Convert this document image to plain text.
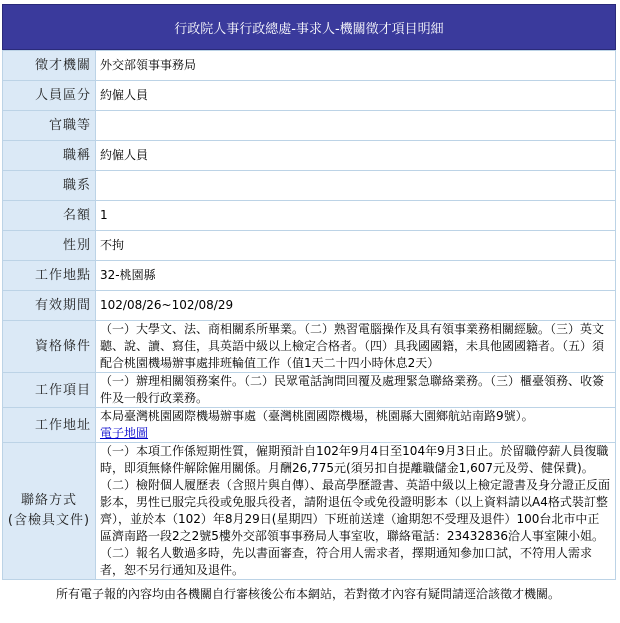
行政院人事行政總處-事求人-機關徵才項目明細
徵才機關	外交部領事事務局
人員區分	約僱人員
官職等	
職稱	約僱人員
職系	
名額	1
性別	不拘
工作地點	32-桃園縣
有效期間	102/08/26~102/08/29
資格條件	（一）大學文、法、商相關系所畢業。（二）熟習電腦操作及具有領事業務相關經驗。（三）英文聽、說、讀、寫佳，具英語中級以上檢定合格者。（四）具我國國籍，未具他國國籍者。（五）須配合桃園機場辦事處排班輪值工作（值1天二十四小時休息2天）
工作項目	（一）辦理相關領務案件。（二）民眾電話詢問回覆及處理緊急聯絡業務。（三）櫃臺領務、收簽件及一般行政業務。
工作地址	本局臺灣桃園國際機場辦事處（臺灣桃園國際機場，桃園縣大園鄉航站南路9號）。
電子地圖

聯絡方式
(含檢具文件)	（一）本項工作係短期性質，僱期預計自102年9月4日至104年9月3日止。於留職停薪人員復職時，即須無條件解除僱用關係。月酬26,775元(須另扣自提離職儲金1,607元及勞、健保費)。（二）檢附個人履歷表（含照片與自傳）、最高學歷證書、英語中級以上檢定證書及身分證正反面影本，男性已服完兵役或免服兵役者，請附退伍令或免役證明影本（以上資料請以A4格式裝訂整齊），並於本（102）年8月29日(星期四）下班前送達（逾期恕不受理及退件）100台北市中正區濟南路一段2之2號5樓外交部領事事務局人事室收，聯絡電話：23432836洽人事室陳小姐。（二）報名人數過多時，先以書面審查，符合用人需求者，擇期通知參加口試，不符用人需求者，恕不另行通知及退件。
所有電子報的內容均由各機關自行審核後公布本網站，若對徵才內容有疑問請逕洽該徵才機關。
